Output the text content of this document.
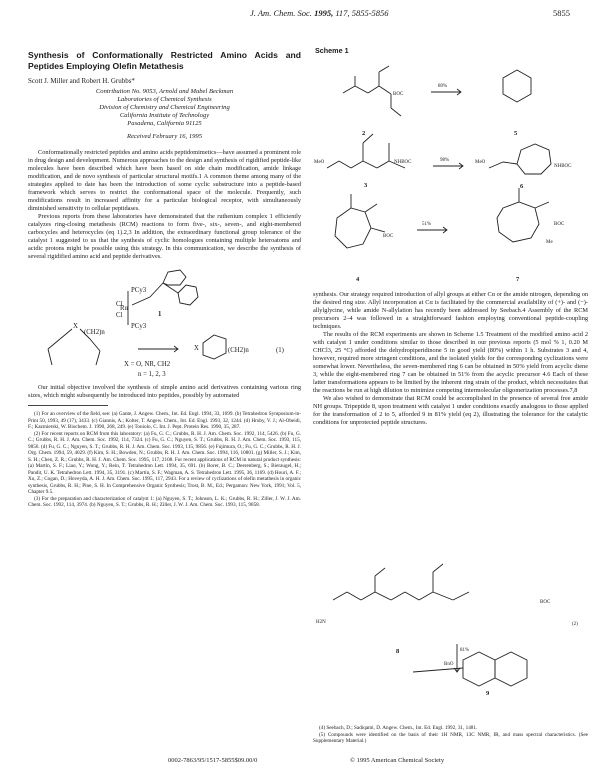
J. Am. Chem. Soc. 1995, 117, 5855-5856	5855
Synthesis of Conformationally Restricted Amino Acids and Peptides Employing Olefin Metathesis
Scott J. Miller and Robert H. Grubbs*
Contribution No. 9053, Arnold and Mabel Beckman
Laboratories of Chemical Synthesis
Division of Chemistry and Chemical Engineering
California Institute of Technology
Pasadena, California 91125
Received February 16, 1995

Conformationally restricted peptides and amino acids peptidomimetics—have assumed a prominent role in drug design and development. Numerous approaches to the design and synthesis of rigidified peptide-like molecules have been described which have been based on side chain modification, amide linkage modification, and de novo synthesis of particular structural motifs.1 A common theme among many of the strategies applied to date has been the introduction of some cyclic substructure into a peptide-based framework which serves to restrict the conformational space of the molecule. Frequently, such modifications result in increased affinity for a particular biological receptor, with simultaneously diminished sensitivity to cellular peptidases.

Previous reports from these laboratories have demonstrated that the ruthenium complex 1 efficiently catalyzes ring-closing metathesis (RCM) reactions to form five-, six-, seven-, and eight-membered carbocycles and heterocycles (eq 1).2,3 In addition, the extraordinary functional group tolerance of the catalyst 1 suggested to us that the synthesis of cyclic homologues containing multiple heteroatoms and acidic protons might be possible using this strategy. In this communication, we describe the synthesis of several rigidified amino acid and peptide derivatives.

PCy3
Cl
Ru
Cl
PCy3
1
X
(CH2)n
X	(CH2)n	(1)
X = O, NR, CH2
n = 1, 2, 3

Our initial objective involved the synthesis of simple amino acid derivatives containing various ring sizes, which might subsequently be introduced into peptides, possibly by automated

(1) For an overview of the field, see: (a) Gante, J. Angew. Chem., Int. Ed. Engl. 1994, 33, 1699. (b) Tetrahedron Symposium-in-Print 50, 1993, 49 (17), 3433. (c) Giannis, A.; Kolter, T. Angew. Chem., Int. Ed. Engl. 1993, 32, 1244. (d) Hruby, V. J.; Al-Obeidi, F.; Kazmierski, W. Biochem. J. 1990, 268, 249. (e) Toniolo, C. Int. J. Pept. Protein Res. 1990, 35, 287.
(2) For recent reports on RCM from this laboratory: (a) Fu, G. C.; Grubbs, R. H. J. Am. Chem. Soc. 1992, 114, 5426. (b) Fu, G. C.; Grubbs, R. H. J. Am. Chem. Soc. 1992, 114, 7324. (c) Fu, G. C.; Nguyen, S. T.; Grubbs, R. H. J. Am. Chem. Soc. 1993, 115, 9856. (d) Fu, G. C.; Nguyen, S. T.; Grubbs, R. H. J. Am. Chem. Soc. 1993, 115, 9856. (e) Fujimura, O.; Fu, G. C.; Grubbs, R. H. J. Org. Chem. 1994, 59, 4029. (f) Kim, S. H.; Bowden, N.; Grubbs, R. H. J. Am. Chem. Soc. 1994, 116, 10801. (g) Miller, S. J.; Kim, S. H.; Chen, Z. R.; Grubbs, R. H. J. Am. Chem. Soc. 1995, 117, 2108. For recent applications of RCM in natural product synthesis: (a) Martin, S. F.; Liao, Y.; Wong, Y.; Rein, T. Tetrahedron Lett. 1994, 35, 691. (b) Borer, B. C.; Deerenberg, S.; Bieraugel, H.; Pandit, U. K. Tetrahedron Lett. 1994, 35, 3191. (c) Martin, S. F.; Wagman, A. S. Tetrahedron Lett. 1995, 36, 1169. (d) Houri, A. F.; Xu, Z.; Cogan, D.; Hoveyda, A. H. J. Am. Chem. Soc. 1995, 117, 2943. For a review of cyclizations of olefin metathesis in organic synthesis, Grubbs, R. H.; Pine, S. H. In Comprehensive Organic Synthesis; Trost, B. M., Ed.; Pergamon: New York, 1991; Vol. 5, Chapter 9.5.
(3) For the preparation and characterization of catalyst 1: (a) Nguyen, S. T.; Johnson, L. K.; Grubbs, R. H.; Ziller, J. W. J. Am. Chem. Soc. 1992, 114, 3974. (b) Nguyen, S. T.; Grubbs, R. H.; Ziller, J. W. J. Am. Chem. Soc. 1993, 115, 9858.
Scheme 1
2	5
3	6
4	7
80%
98%
51%
BOC
MeO	NHBOC	MeO
NHBOC
BOC
BOC
Me
synthesis. Our strategy required introduction of allyl groups at either Cα or the amide nitrogen, depending on the desired ring size. Allyl incorporation at Cα is facilitated by the commercial availability of (+)- and (−)-allylglycine, while amide N-allylation has recently been addressed by Seebach.4 Assembly of the RCM precursors 2–4 was followed in a straightforward fashion employing conventional peptide-coupling techniques.

The results of the RCM experiments are shown in Scheme 1.5 Treatment of the modified amino acid 2 with catalyst 1 under conditions similar to those described in our previous reports (5 mol % 1, 0.20 M CHCl3, 25 °C) afforded the dehydropiperidinone 5 in good yield (80%) within 1 h. Substrates 3 and 4, however, required more stringent conditions, and the isolated yields for the corresponding cyclizations were somewhat lower. Nevertheless, the seven-membered ring 6 can be obtained in 50% yield from acyclic diene 3, while the eight-membered ring 7 can be obtained in 51% from the acyclic precursor 4.6 Each of these latter transformations appears to be limited by the inherent ring strain of the product, which necessitates that the reactions be run at high dilution to minimize competing intermolecular oligomerization processes.7,8

We also wished to demonstrate that RCM could be accomplished in the presence of several free amide NH groups. Tripeptide 8, upon treatment with catalyst 1 under conditions exactly analogous to those applied for the transformation of 2 to 5, afforded 9 in 81% yield (eq 2), illustrating the tolerance for the catalytic conditions for unprotected peptide structures.

8
9
81%
BOC
BnO
H2N	(2)
(4) Seebach, D.; Sadiqami, D. Angew. Chem., Int. Ed. Engl. 1992, 31, 1481.
(5) Compounds were identified on the basis of their 1H NMR, 13C NMR, IR, and mass spectral characteristics. (See Supplementary Material.)
0002-7863/95/1517-5855$09.00/0	© 1995 American Chemical Society
